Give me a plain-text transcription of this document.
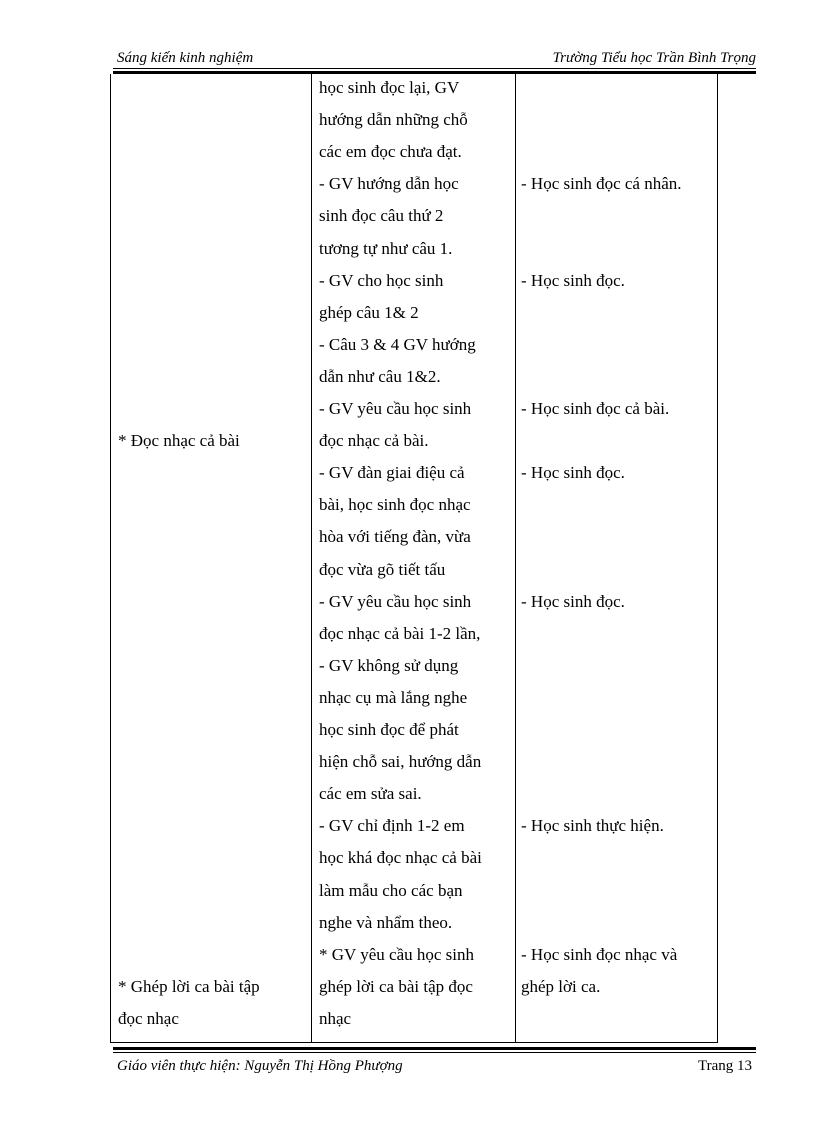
Sáng kiến kinh nghiệm	Trường Tiểu học Trần Bình Trọng
* Đọc nhạc cả bài
* Ghép lời ca bài tập
đọc nhạc
học sinh đọc lại, GV
hướng dẫn những chỗ
các em đọc chưa đạt.
- GV hướng dẫn học
sinh đọc câu thứ 2
tương tự như câu 1.
- GV cho học sinh
ghép câu 1& 2
- Câu 3 & 4 GV hướng
dẫn như câu 1&2.
- GV yêu cầu học sinh
đọc nhạc cả bài.
- GV đàn giai điệu cả
bài, học sinh đọc nhạc
hòa với tiếng đàn, vừa
đọc vừa gõ tiết tấu
- GV yêu cầu học sinh
đọc nhạc cả bài 1-2 lần,
- GV không sử dụng
nhạc cụ mà lắng nghe
học sinh đọc để phát
hiện chỗ sai, hướng dẫn
các em sửa sai.
- GV chỉ định 1-2 em
học khá đọc nhạc cả bài
làm mẫu cho các bạn
nghe và nhẩm theo.
* GV yêu cầu học sinh
ghép lời ca bài tập đọc
nhạc
- Học sinh đọc cá nhân.
- Học sinh đọc.
- Học sinh đọc cả bài.
- Học sinh đọc.
- Học sinh đọc.
- Học sinh thực hiện.
- Học sinh đọc nhạc và
ghép lời ca.
Giáo viên thực hiện: Nguyễn Thị Hồng Phượng	Trang 13
